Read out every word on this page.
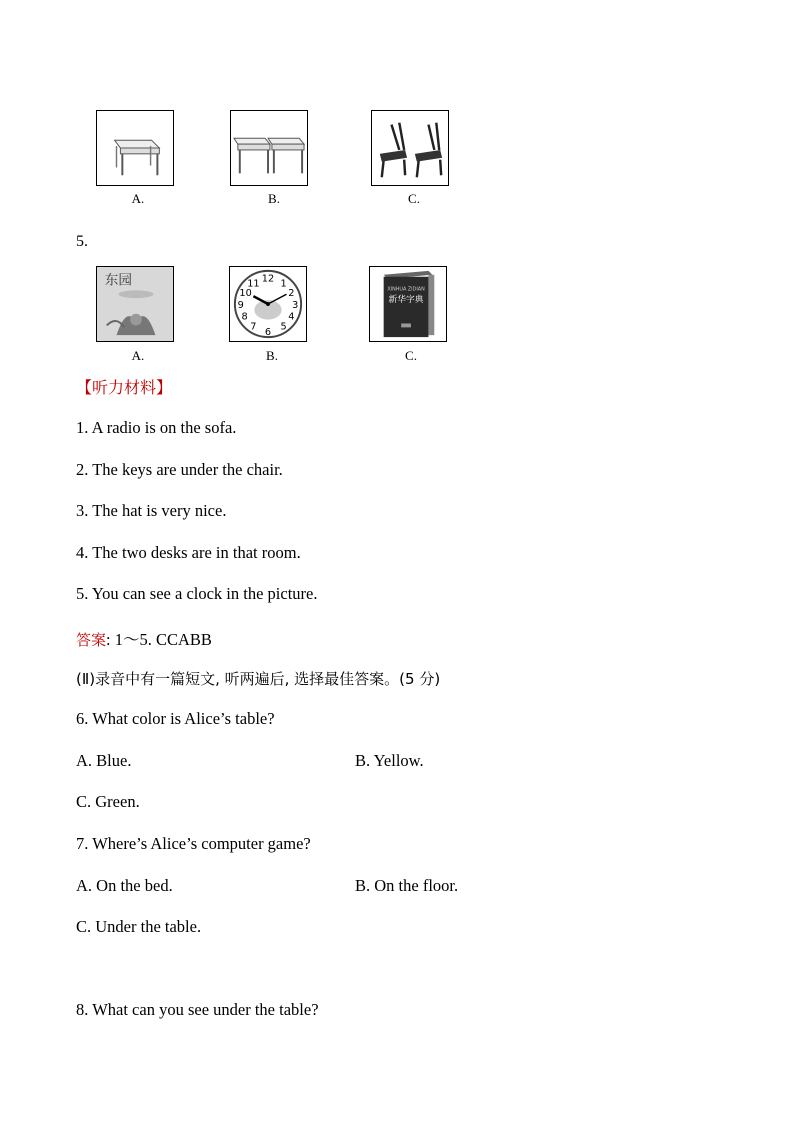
A.	B.	C.
5.
东园
A.
12 1
2
3
4
5
6
7
8
9
10
11
B.
XINHUA ZIDIAN
新华字典
C.
【听力材料】
1. A radio is on the sofa.
2. The keys are under the chair.
3. The hat is very nice.
4. The two desks are in that room.
5. You can see a clock in the picture.
答案: 1～5. CCABB
(Ⅱ)录音中有一篇短文, 听两遍后, 选择最佳答案。(5 分)
6. What color is Alice’s table?
A. Blue.	B. Yellow.
C. Green.
7. Where’s Alice’s computer game?
A. On the bed.	B. On the floor.
C. Under the table.
8. What can you see under the table?
